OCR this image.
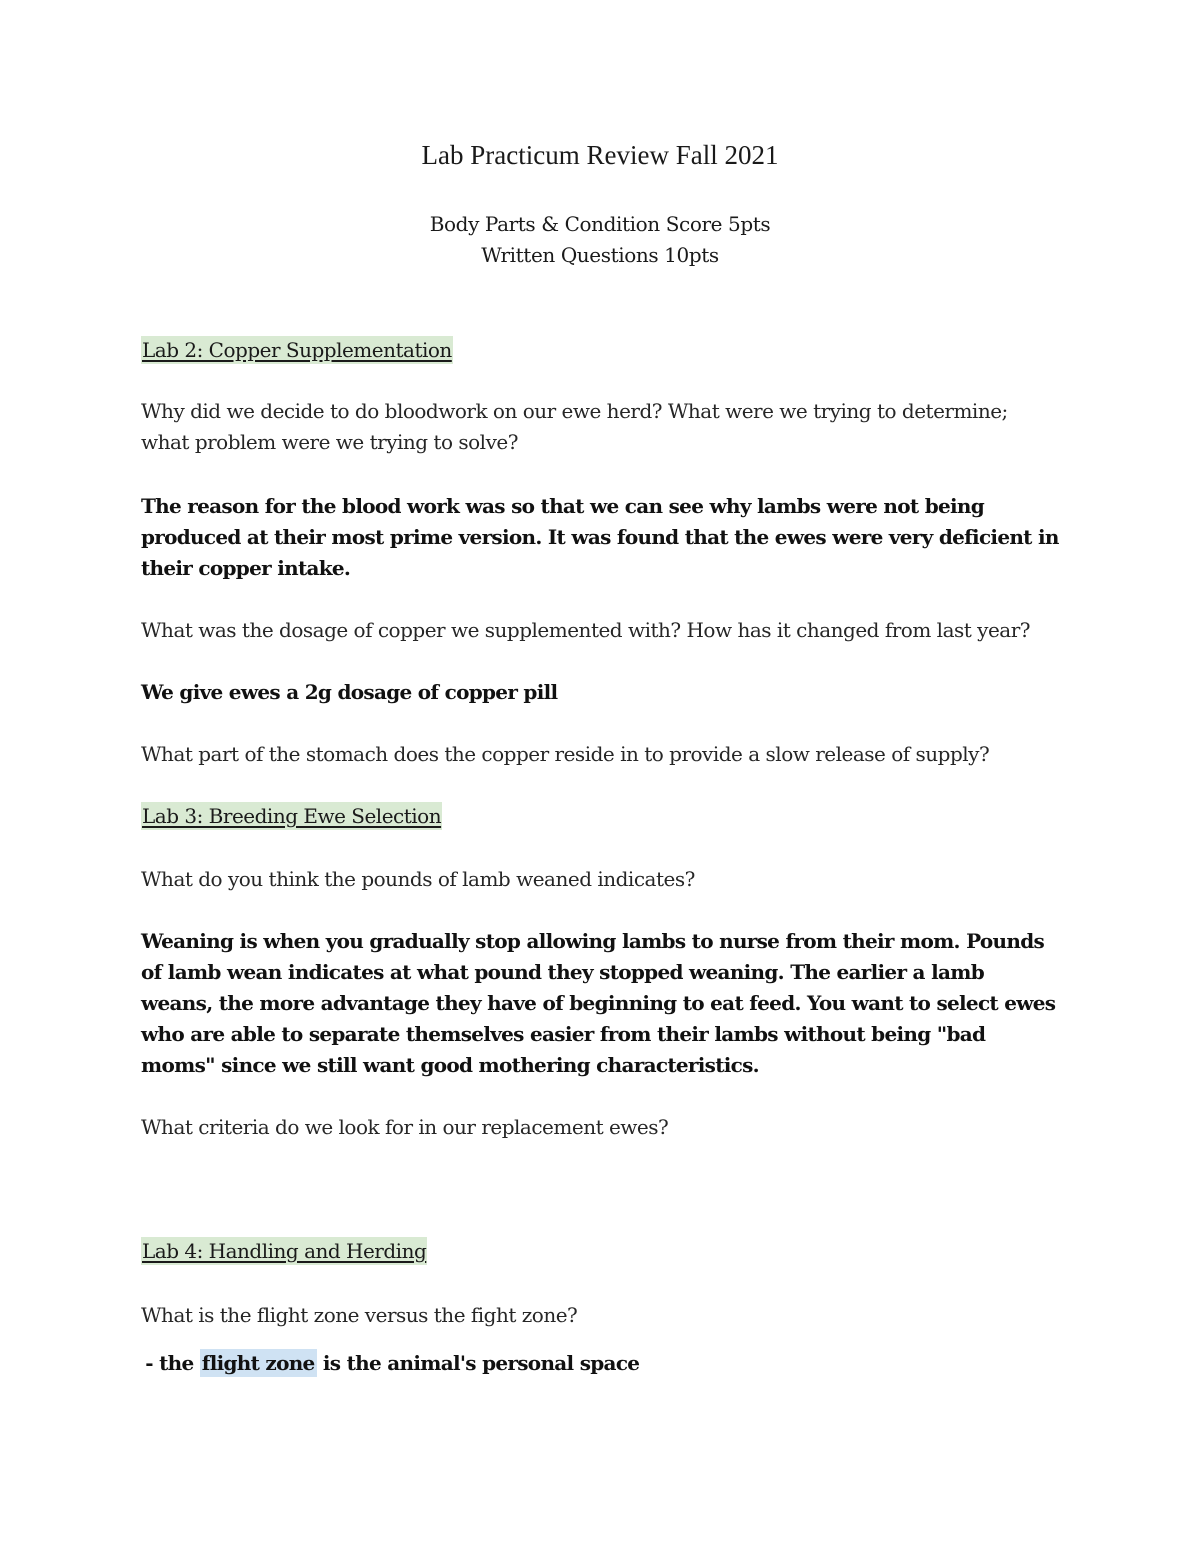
Lab Practicum Review Fall 2021
Body Parts & Condition Score 5pts
Written Questions 10pts
Lab 2: Copper Supplementation
Why did we decide to do bloodwork on our ewe herd? What were we trying to determine; what problem were we trying to solve?
The reason for the blood work was so that we can see why lambs were not being produced at their most prime version. It was found that the ewes were very deficient in their copper intake.
What was the dosage of copper we supplemented with? How has it changed from last year?
We give ewes a 2g dosage of copper pill
What part of the stomach does the copper reside in to provide a slow release of supply?
Lab 3: Breeding Ewe Selection
What do you think the pounds of lamb weaned indicates?
Weaning is when you gradually stop allowing lambs to nurse from their mom. Pounds of lamb wean indicates at what pound they stopped weaning. The earlier a lamb weans, the more advantage they have of beginning to eat feed. You want to select ewes who are able to separate themselves easier from their lambs without being "bad moms" since we still want good mothering characteristics.
What criteria do we look for in our replacement ewes?
Lab 4: Handling and Herding
What is the flight zone versus the fight zone?
- the flight zone is the animal's personal space
